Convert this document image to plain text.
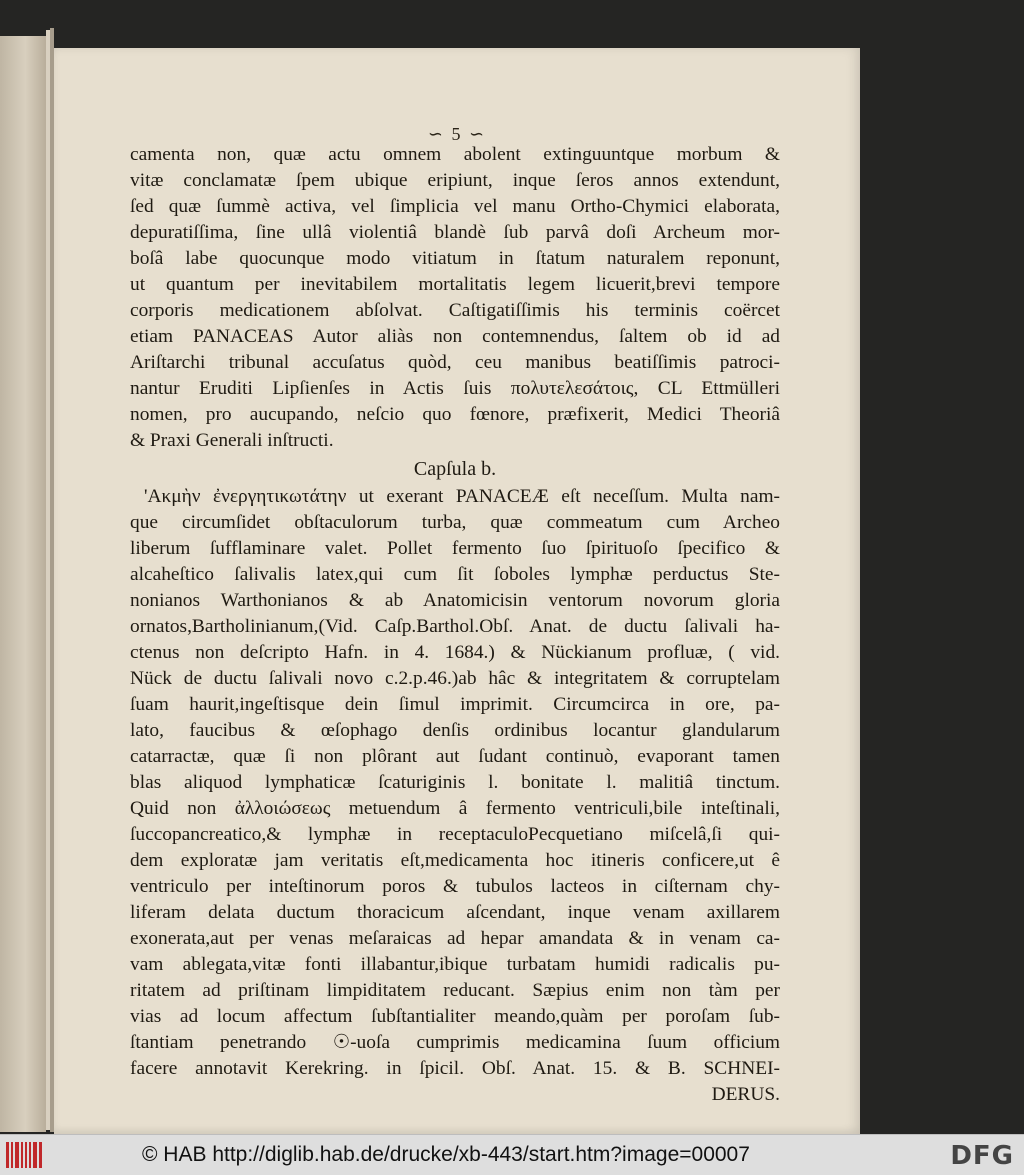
∽ 5 ∽
camenta non, quæ actu omnem abolent extinguuntque morbum &
vitæ conclamatæ ſpem ubique eripiunt, inque ſeros annos extendunt,
ſed quæ ſummè activa, vel ſimplicia vel manu Ortho-Chymici elaborata,
depuratiſſima, ſine ullâ violentiâ blandè ſub parvâ doſi Archeum mor-
boſâ labe quocunque modo vitiatum in ſtatum naturalem reponunt,
ut quantum per inevitabilem mortalitatis legem licuerit,brevi tempore
corporis medicationem abſolvat. Caſtigatiſſimis his terminis coërcet
etiam PANACEAS Autor aliàs non contemnendus, ſaltem ob id ad
Ariſtarchi tribunal accuſatus quòd, ceu manibus beatiſſimis patroci-
nantur Eruditi Lipſienſes in Actis ſuis πολυτελεσάτοις, CL Ettmülleri
nomen, pro aucupando, neſcio quo fœnore, præfixerit, Medici Theoriâ
& Praxi Generali inſtructi.
Capſula b.
'Ακμὴν ἐνεργητικωτάτην ut exerant PANACEÆ eſt neceſſum. Multa nam-
que circumſidet obſtaculorum turba, quæ commeatum cum Archeo
liberum ſufflaminare valet. Pollet fermento ſuo ſpirituoſo ſpecifico &
alcaheſtico ſalivalis latex,qui cum ſit ſoboles lymphæ perductus Ste-
nonianos Warthonianos & ab Anatomicisin ventorum novorum gloria
ornatos,Bartholinianum,(Vid. Caſp.Barthol.Obſ. Anat. de ductu ſalivali ha-
ctenus non deſcripto Hafn. in 4. 1684.) & Nückianum profluæ, ( vid.
Nück de ductu ſalivali novo c.2.p.46.)ab hâc & integritatem & corruptelam
ſuam haurit,ingeſtisque dein ſimul imprimit. Circumcirca in ore, pa-
lato, faucibus & œſophago denſis ordinibus locantur glandularum
catarractæ, quæ ſi non plôrant aut ſudant continuò, evaporant tamen
blas aliquod lymphaticæ ſcaturiginis l. bonitate l. malitiâ tinctum.
Quid non ἀλλοιώσεως metuendum â fermento ventriculi,bile inteſtinali,
ſuccopancreatico,& lymphæ in receptaculoPecquetiano miſcelâ,ſi qui-
dem exploratæ jam veritatis eſt,medicamenta hoc itineris conficere,ut ê
ventriculo per inteſtinorum poros & tubulos lacteos in ciſternam chy-
liferam delata ductum thoracicum aſcendant, inque venam axillarem
exonerata,aut per venas meſaraicas ad hepar amandata & in venam ca-
vam ablegata,vitæ fonti illabantur,ibique turbatam humidi radicalis pu-
ritatem ad priſtinam limpiditatem reducant. Sæpius enim non tàm per
vias ad locum affectum ſubſtantialiter meando,quàm per poroſam ſub-
ſtantiam penetrando ☉-uoſa cumprimis medicamina ſuum officium
facere annotavit Kerekring. in ſpicil. Obſ. Anat. 15. & B. SCHNEI-
DERUS.
© HAB http://diglib.hab.de/drucke/xb-443/start.htm?image=00007	DFG
